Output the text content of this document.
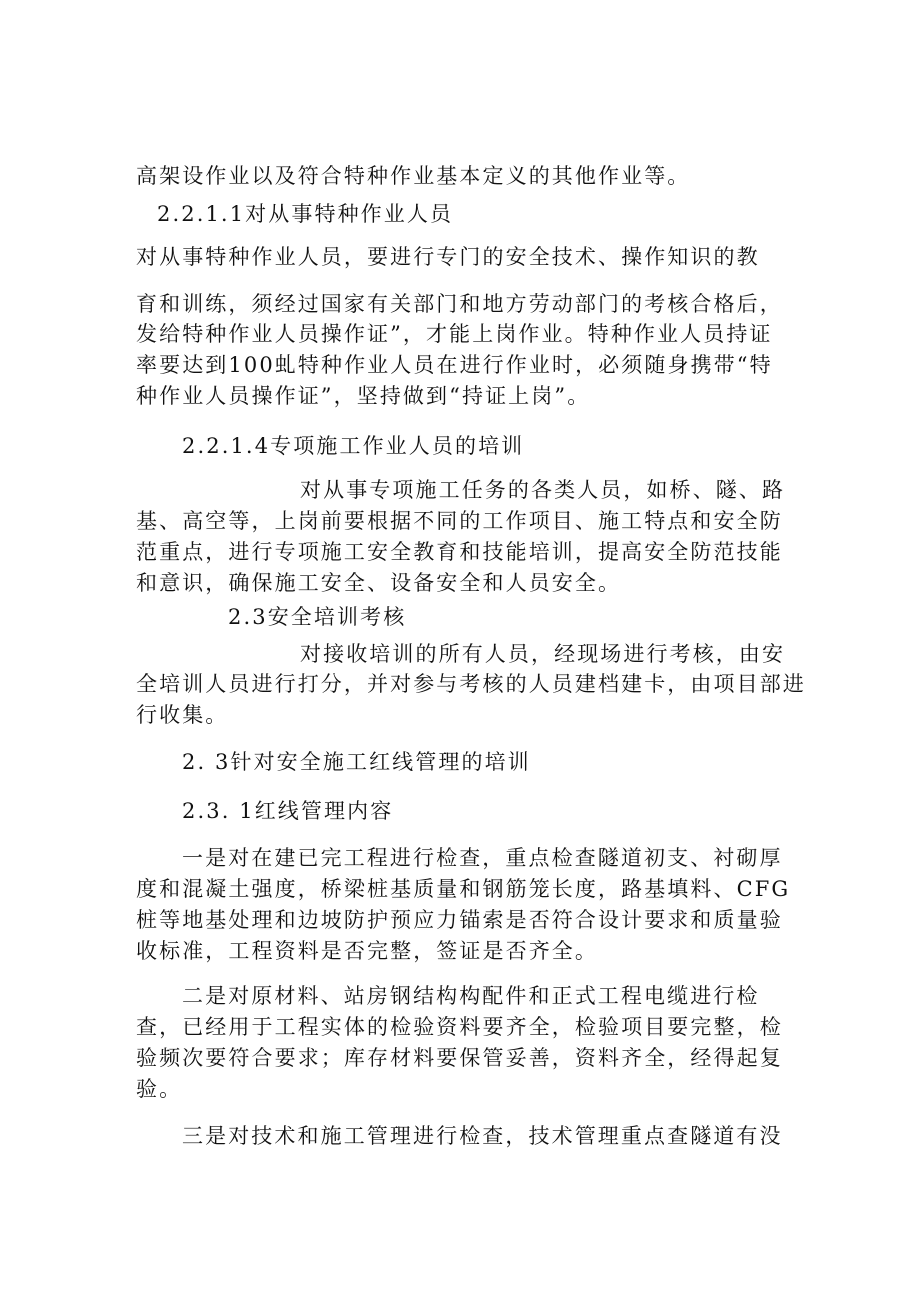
高架设作业以及符合特种作业基本定义的其他作业等。
2.2.1.1对从事特种作业人员
对从事特种作业人员，要进行专门的安全技术、操作知识的教
育和训练，须经过国家有关部门和地方劳动部门的考核合格后，
发给特种作业人员操作证”，才能上岗作业。特种作业人员持证
率要达到100虬特种作业人员在进行作业时，必须随身携带“特
种作业人员操作证”，坚持做到“持证上岗”。
2.2.1.4专项施工作业人员的培训
对从事专项施工任务的各类人员，如桥、隧、路
基、高空等，上岗前要根据不同的工作项目、施工特点和安全防
范重点，进行专项施工安全教育和技能培训，提高安全防范技能
和意识，确保施工安全、设备安全和人员安全。
2.3安全培训考核
对接收培训的所有人员，经现场进行考核，由安
全培训人员进行打分，并对参与考核的人员建档建卡，由项目部进
行收集。
2. 3针对安全施工红线管理的培训
2.3. 1红线管理内容
一是对在建已完工程进行检查，重点检查隧道初支、衬砌厚
度和混凝土强度，桥梁桩基质量和钢筋笼长度，路基填料、CFG
桩等地基处理和边坡防护预应力锚索是否符合设计要求和质量验
收标准，工程资料是否完整，签证是否齐全。
二是对原材料、站房钢结构构配件和正式工程电缆进行检
查，已经用于工程实体的检验资料要齐全，检验项目要完整，检
验频次要符合要求；库存材料要保管妥善，资料齐全，经得起复
验。
三是对技术和施工管理进行检查，技术管理重点查隧道有没
